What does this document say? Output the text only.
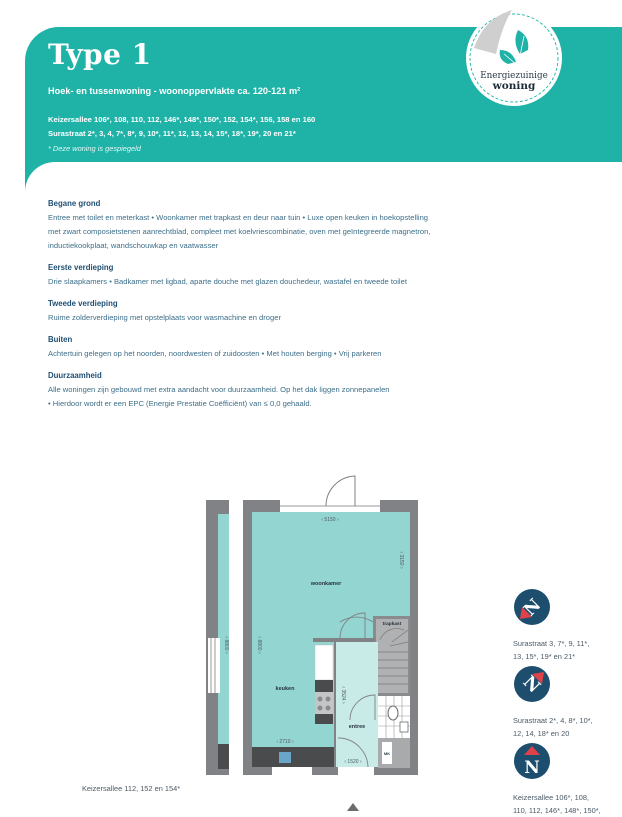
Type 1
Hoek- en tussenwoning - woonoppervlakte ca. 120-121 m²
Keizersallee 106*, 108, 110, 112, 146*, 148*, 150*, 152, 154*, 156, 158 en 160
Surastraat 2*, 3, 4, 7*, 8*, 9, 10*, 11*, 12, 13, 14, 15*, 18*, 19*, 20 en 21*
* Deze woning is gespiegeld
Energiezuinige
woning
Begane grond

Entree met toilet en meterkast • Woonkamer met trapkast en deur naar tuin • Luxe open keuken in hoekopstelling

met zwart composietstenen aanrechtblad, compleet met koelvriescombinatie, oven met geïntegreerde magnetron,

inductiekookplaat, wandschouwkap en vaatwasser

Eerste verdieping

Drie slaapkamers • Badkamer met ligbad, aparte douche met glazen douchedeur, wastafel en tweede toilet

Tweede verdieping

Ruime zolderverdieping met opstelplaats voor wasmachine en droger

Buiten

Achtertuin gelegen op het noorden, noordwesten of zuidoosten • Met houten berging • Vrij parkeren

Duurzaamheid

Alle woningen zijn gebouwd met extra aandacht voor duurzaamheid. Op het dak liggen zonnepanelen

• Hierdoor wordt er een EPC (Energie Prestatie Coëfficiënt) van ≤ 0,0 gehaald.

‹ 8800 ›
‹ 5150 ›
‹ 3150 ›
‹ 8800 ›
woonkamer
trapkast
keuken
‹ 2710 ›
‹ 3524 ›
entree
‹ 1520 ›
MK
N
Surastraat 3, 7*, 9, 11*,
13, 15*, 19* en 21*
N
Surastraat 2*, 4, 8*, 10*,
12, 14, 18* en 20
N
Keizersallee 106*, 108,
110, 112, 146*, 148*, 150*,
Keizersallee 112, 152 en 154*
